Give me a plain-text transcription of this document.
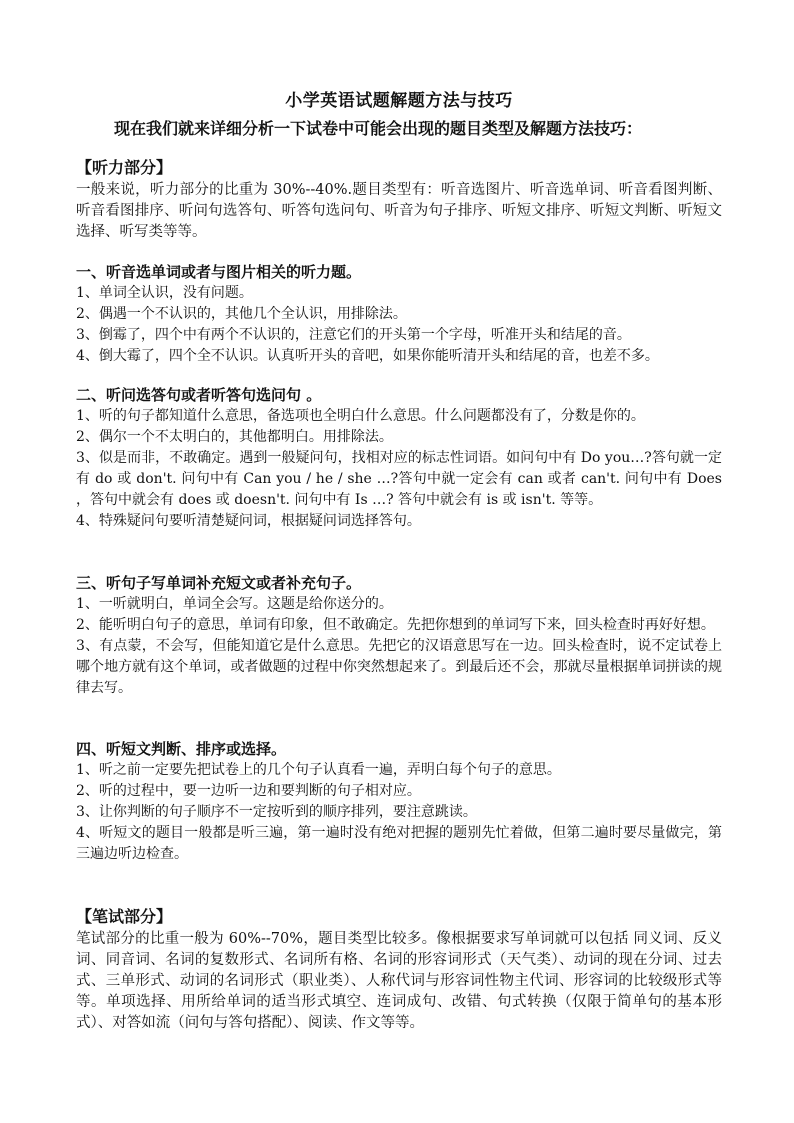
小学英语试题解题方法与技巧
现在我们就来详细分析一下试卷中可能会出现的题目类型及解题方法技巧：
【听力部分】

一般来说，听力部分的比重为 30%--40%.题目类型有：听音选图片、听音选单词、听音看图判断、听音看图排序、听问句选答句、听答句选问句、听音为句子排序、听短文排序、听短文判断、听短文选择、听写类等等。

一、听音选单词或者与图片相关的听力题。

1、单词全认识，没有问题。

2、偶遇一个不认识的，其他几个全认识，用排除法。

3、倒霉了，四个中有两个不认识的，注意它们的开头第一个字母，听准开头和结尾的音。

4、倒大霉了，四个全不认识。认真听开头的音吧，如果你能听清开头和结尾的音，也差不多。

二、听问选答句或者听答句选问句 。

1、听的句子都知道什么意思，备选项也全明白什么意思。什么问题都没有了，分数是你的。

2、偶尔一个不太明白的，其他都明白。用排除法。

3、似是而非，不敢确定。遇到一般疑问句，找相对应的标志性词语。如问句中有 Do you…?答句就一定有 do 或 don't. 问句中有 Can you / he / she …?答句中就一定会有 can 或者 can't. 问句中有 Does ，答句中就会有 does 或 doesn't. 问句中有 Is …? 答句中就会有 is 或 isn't. 等等。

4、特殊疑问句要听清楚疑问词，根据疑问词选择答句。

三、听句子写单词补充短文或者补充句子。

1、一听就明白，单词全会写。这题是给你送分的。

2、能听明白句子的意思，单词有印象，但不敢确定。先把你想到的单词写下来，回头检查时再好好想。

3、有点蒙，不会写，但能知道它是什么意思。先把它的汉语意思写在一边。回头检查时，说不定试卷上哪个地方就有这个单词，或者做题的过程中你突然想起来了。到最后还不会，那就尽量根据单词拼读的规律去写。

四、听短文判断、排序或选择。

1、听之前一定要先把试卷上的几个句子认真看一遍，弄明白每个句子的意思。

2、听的过程中，要一边听一边和要判断的句子相对应。

3、让你判断的句子顺序不一定按听到的顺序排列，要注意跳读。

4、听短文的题目一般都是听三遍，第一遍时没有绝对把握的题别先忙着做，但第二遍时要尽量做完，第三遍边听边检查。

【笔试部分】

笔试部分的比重一般为 60%--70%，题目类型比较多。像根据要求写单词就可以包括 同义词、反义词、同音词、名词的复数形式、名词所有格、名词的形容词形式（天气类）、动词的现在分词、过去式、三单形式、动词的名词形式（职业类）、人称代词与形容词性物主代词、形容词的比较级形式等等。单项选择、用所给单词的适当形式填空、连词成句、改错、句式转换（仅限于简单句的基本形式）、对答如流（问句与答句搭配）、阅读、作文等等。
